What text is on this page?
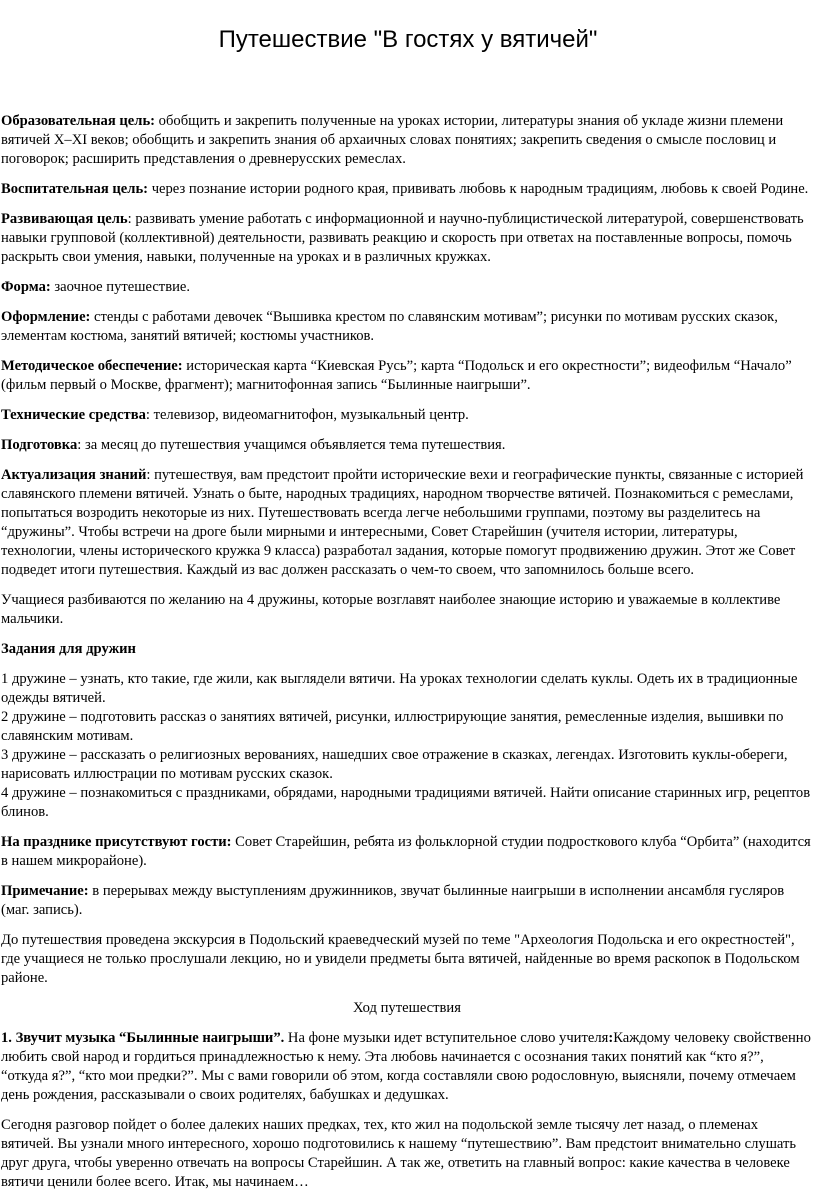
Путешествие "В гостях у вятичей"

Образовательная цель: обобщить и закрепить полученные на уроках истории, литературы знания об укладе жизни племени вятичей X–XI веков; обобщить и закрепить знания об архаичных словах понятиях; закрепить сведения о смысле пословиц и поговорок; расширить представления о древнерусских ремеслах.

Воспитательная цель: через познание истории родного края, прививать любовь к народным традициям, любовь к своей Родине.

Развивающая цель: развивать умение работать с информационной и научно-публицистической литературой, совершенствовать навыки групповой (коллективной) деятельности, развивать реакцию и скорость при ответах на поставленные вопросы, помочь раскрыть свои умения, навыки, полученные на уроках и в различных кружках.

Форма: заочное путешествие.

Оформление: стенды с работами девочек “Вышивка крестом по славянским мотивам”; рисунки по мотивам русских сказок, элементам костюма, занятий вятичей; костюмы участников.

Методическое обеспечение: историческая карта “Киевская Русь”; карта “Подольск и его окрестности”; видеофильм “Начало” (фильм первый о Москве, фрагмент); магнитофонная запись “Былинные наигрыши”.

Технические средства: телевизор, видеомагнитофон, музыкальный центр.

Подготовка: за месяц до путешествия учащимся объявляется тема путешествия.

Актуализация знаний: путешествуя, вам предстоит пройти исторические вехи и географические пункты, связанные с историей славянского племени вятичей. Узнать о быте, народных традициях, народном творчестве вятичей. Познакомиться с ремеслами, попытаться возродить некоторые из них. Путешествовать всегда легче небольшими группами, поэтому вы разделитесь на “дружины”. Чтобы встречи на дроге были мирными и интересными, Совет Старейшин (учителя истории, литературы, технологии, члены исторического кружка 9 класса) разработал задания, которые помогут продвижению дружин. Этот же Совет подведет итоги путешествия. Каждый из вас должен рассказать о чем-то своем, что запомнилось больше всего.

Учащиеся разбиваются по желанию на 4 дружины, которые возглавят наиболее знающие историю и уважаемые в коллективе мальчики.

Задания для дружин

1 дружине – узнать, кто такие, где жили, как выглядели вятичи. На уроках технологии сделать куклы. Одеть их в традиционные одежды вятичей.

2 дружине – подготовить рассказ о занятиях вятичей, рисунки, иллюстрирующие занятия, ремесленные изделия, вышивки по славянским мотивам.

3 дружине – рассказать о религиозных верованиях, нашедших свое отражение в сказках, легендах. Изготовить куклы-обереги, нарисовать иллюстрации по мотивам русских сказок.

4 дружине – познакомиться с праздниками, обрядами, народными традициями вятичей. Найти описание старинных игр, рецептов блинов.

На празднике присутствуют гости: Совет Старейшин, ребята из фольклорной студии подросткового клуба “Орбита” (находится в нашем микрорайоне).

Примечание: в перерывах между выступлениям дружинников, звучат былинные наигрыши в исполнении ансамбля гусляров (маг. запись).

До путешествия проведена экскурсия в Подольский краеведческий музей по теме "Археология Подольска и его окрестностей", где учащиеся не только прослушали лекцию, но и увидели предметы быта вятичей, найденные во время раскопок в Подольском районе.

Ход путешествия

1. Звучит музыка “Былинные наигрыши”. На фоне музыки идет вступительное слово учителя:Каждому человеку свойственно любить свой народ и гордиться принадлежностью к нему. Эта любовь начинается с осознания таких понятий как “кто я?”, “откуда я?”, “кто мои предки?”. Мы с вами говорили об этом, когда составляли свою родословную, выясняли, почему отмечаем день рождения, рассказывали о своих родителях, бабушках и дедушках.

Сегодня разговор пойдет о более далеких наших предках, тех, кто жил на подольской земле тысячу лет назад, о племенах вятичей. Вы узнали много интересного, хорошо подготовились к нашему “путешествию”. Вам предстоит внимательно слушать друг друга, чтобы уверенно отвечать на вопросы Старейшин. А так же, ответить на главный вопрос: какие качества в человеке вятичи ценили более всего. Итак, мы начинаем…
